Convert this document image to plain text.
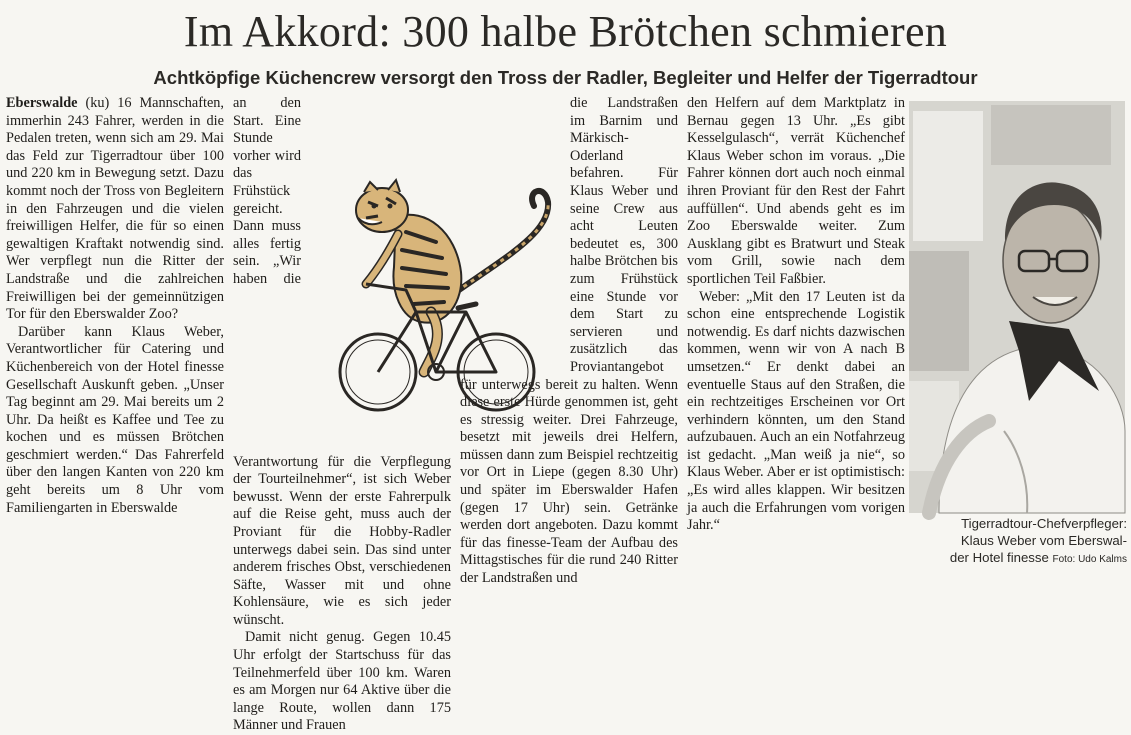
Im Akkord: 300 halbe Brötchen schmieren
Achtköpfige Küchencrew versorgt den Tross der Radler, Begleiter und Helfer der Tigerradtour

Eberswalde (ku) 16 Mannschaften, immerhin 243 Fahrer, werden in die Pedalen treten, wenn sich am 29. Mai das Feld zur Tigerradtour über 100 und 220 km in Bewegung setzt. Dazu kommt noch der Tross von Begleitern in den Fahrzeugen und die vielen freiwilligen Helfer, die für so einen gewaltigen Kraftakt notwendig sind. Wer verpflegt nun die Ritter der Landstraße und die zahlreichen Freiwilligen bei der gemeinnützigen Tor für den Eberswalder Zoo?

Darüber kann Klaus Weber, Verantwortlicher für Catering und Küchenbereich von der Hotel finesse Gesellschaft Auskunft geben. „Unser Tag beginnt am 29. Mai bereits um 2 Uhr. Da heißt es Kaffee und Tee zu kochen und es müssen Brötchen geschmiert werden.“ Das Fahrerfeld über den langen Kanten von 220 km geht bereits um 8 Uhr vom Familiengarten in Eberswalde

an den Start. Eine Stunde vorher wird das Frühstück gereicht. Dann muss alles fertig sein. „Wir haben die Verantwortung für die Verpflegung der Tourteilnehmer“, ist sich Weber bewusst. Wenn der erste Fahrerpulk auf die Reise geht, muss auch der Proviant für die Hobby-Radler unterwegs dabei sein. Das sind unter anderem frisches Obst, verschiedenen Säfte, Wasser mit und ohne Kohlensäure, wie es sich jeder wünscht.

Damit nicht genug. Gegen 10.45 Uhr erfolgt der Startschuss für das Teilnehmerfeld über 100 km. Waren es am Morgen nur 64 Aktive über die lange Route, wollen dann 175 Männer und Frauen

die Landstraßen im Barnim und Märkisch-Oderland befahren. Für Klaus Weber und seine Crew aus acht Leuten bedeutet es, 300 halbe Brötchen bis zum Frühstück eine Stunde vor dem Start zu servieren und zusätzlich das Proviantangebot für unterwegs bereit zu halten. Wenn diese erste Hürde genommen ist, geht es stressig weiter. Drei Fahrzeuge, besetzt mit jeweils drei Helfern, müssen dann zum Beispiel rechtzeitig vor Ort in Liepe (gegen 8.30 Uhr) und später im Eberswalder Hafen (gegen 17 Uhr) sein. Getränke werden dort angeboten. Dazu kommt für das finesse-Team der Aufbau des Mittagstisches für die rund 240 Ritter der Landstraßen und

den Helfern auf dem Marktplatz in Bernau gegen 13 Uhr. „Es gibt Kesselgulasch“, verrät Küchenchef Klaus Weber schon im voraus. „Die Fahrer können dort auch noch einmal ihren Proviant für den Rest der Fahrt auffüllen“. Und abends geht es im Zoo Eberswalde weiter. Zum Ausklang gibt es Bratwurt und Steak vom Grill, sowie nach dem sportlichen Teil Faßbier.

Weber: „Mit den 17 Leuten ist da schon eine entsprechende Logistik notwendig. Es darf nichts dazwischen kommen, wenn wir von A nach B umsetzen.“ Er denkt dabei an eventuelle Staus auf den Straßen, die ein rechtzeitiges Erscheinen vor Ort verhindern könnten, um den Stand aufzubauen. Auch an ein Notfahrzeug ist gedacht. „Man weiß ja nie“, so Klaus Weber. Aber er ist optimistisch: „Es wird alles klappen. Wir besitzen ja auch die Erfahrungen vom vorigen Jahr.“	Tigerradtour-Chefverpfleger:
Klaus Weber vom Eberswal-
der Hotel finesse Foto: Udo Kalms
